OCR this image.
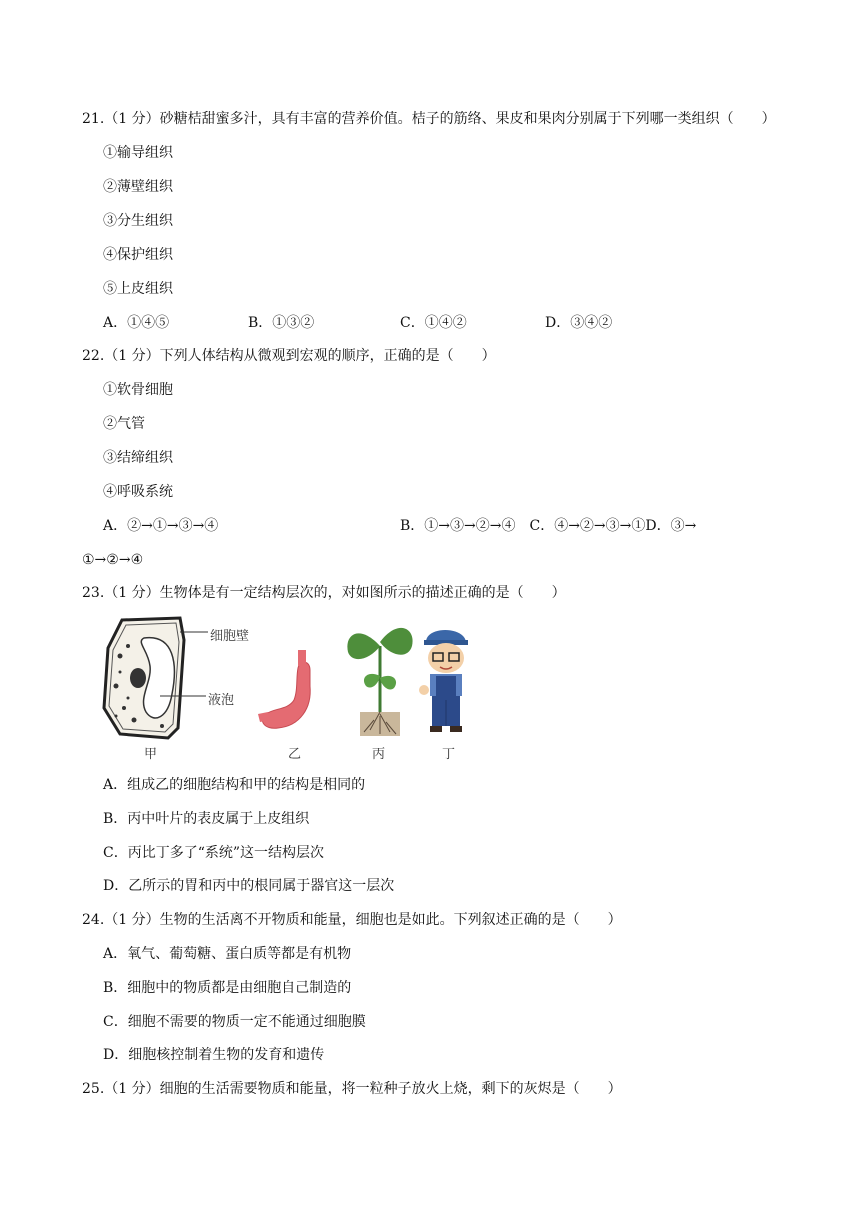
21.（1 分）砂糖桔甜蜜多汁，具有丰富的营养价值。桔子的筋络、果皮和果肉分别属于下列哪一类组织（　　）
①输导组织
②薄壁组织
③分生组织
④保护组织
⑤上皮组织
A．①④⑤	B．①③②	C．①④②	D．③④②
22.（1 分）下列人体结构从微观到宏观的顺序，正确的是（　　）
①软骨细胞
②气管
③结缔组织
④呼吸系统
A．②→①→③→④	B．①→③→②→④　C．④→②→③→①D．③→
①→②→④
23.（1 分）生物体是有一定结构层次的，对如图所示的描述正确的是（　　）
细胞壁
液泡
甲	乙	丙	丁
A．组成乙的细胞结构和甲的结构是相同的
B．丙中叶片的表皮属于上皮组织
C．丙比丁多了“系统”这一结构层次
D．乙所示的胃和丙中的根同属于器官这一层次
24.（1 分）生物的生活离不开物质和能量，细胞也是如此。下列叙述正确的是（　　）
A．氧气、葡萄糖、蛋白质等都是有机物
B．细胞中的物质都是由细胞自己制造的
C．细胞不需要的物质一定不能通过细胞膜
D．细胞核控制着生物的发育和遗传
25.（1 分）细胞的生活需要物质和能量，将一粒种子放火上烧，剩下的灰烬是（　　）
